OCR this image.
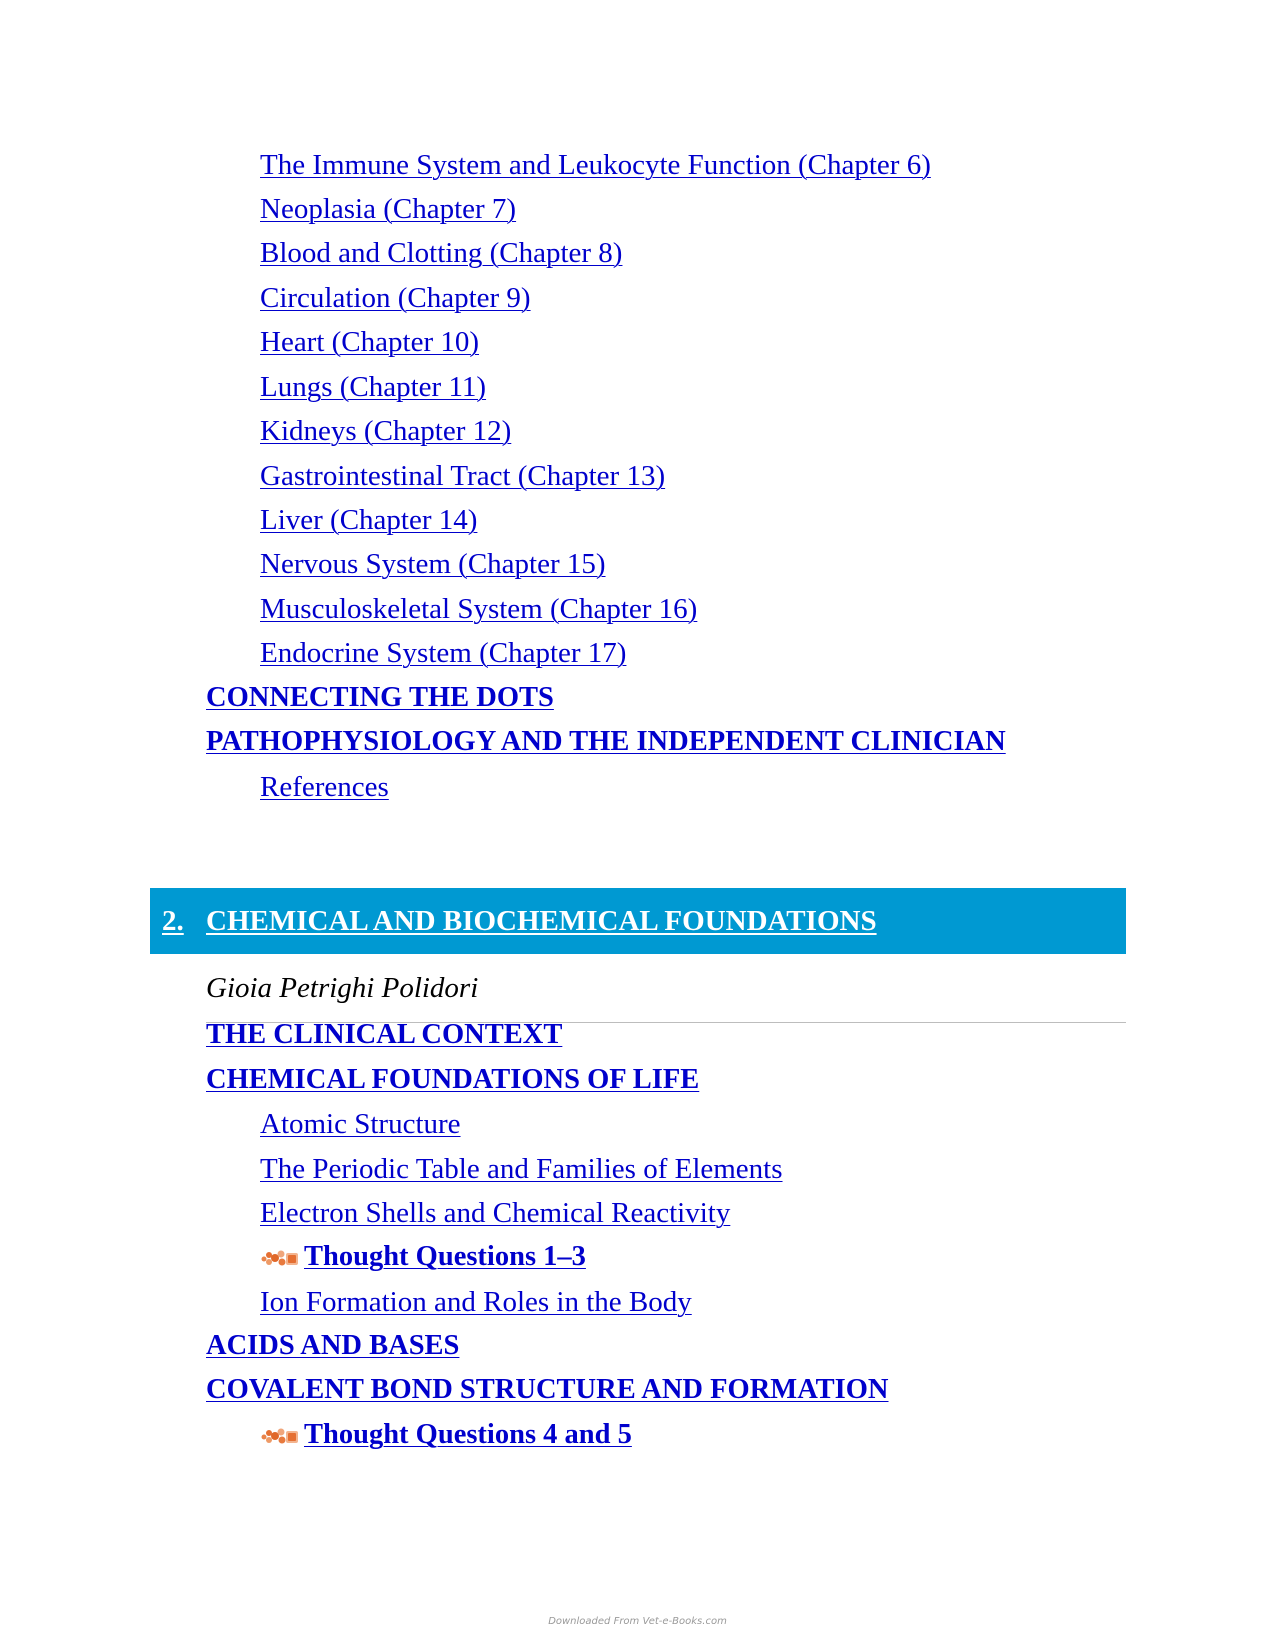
The Immune System and Leukocyte Function (Chapter 6)
Neoplasia (Chapter 7)
Blood and Clotting (Chapter 8)
Circulation (Chapter 9)
Heart (Chapter 10)
Lungs (Chapter 11)
Kidneys (Chapter 12)
Gastrointestinal Tract (Chapter 13)
Liver (Chapter 14)
Nervous System (Chapter 15)
Musculoskeletal System (Chapter 16)
Endocrine System (Chapter 17)
CONNECTING THE DOTS
PATHOPHYSIOLOGY AND THE INDEPENDENT CLINICIAN
References
2. CHEMICAL AND BIOCHEMICAL FOUNDATIONS
Gioia Petrighi Polidori
THE CLINICAL CONTEXT
CHEMICAL FOUNDATIONS OF LIFE
Atomic Structure
The Periodic Table and Families of Elements
Electron Shells and Chemical Reactivity
Thought Questions 1–3
Ion Formation and Roles in the Body
ACIDS AND BASES
COVALENT BOND STRUCTURE AND FORMATION
Thought Questions 4 and 5
Downloaded From Vet-e-Books.com
